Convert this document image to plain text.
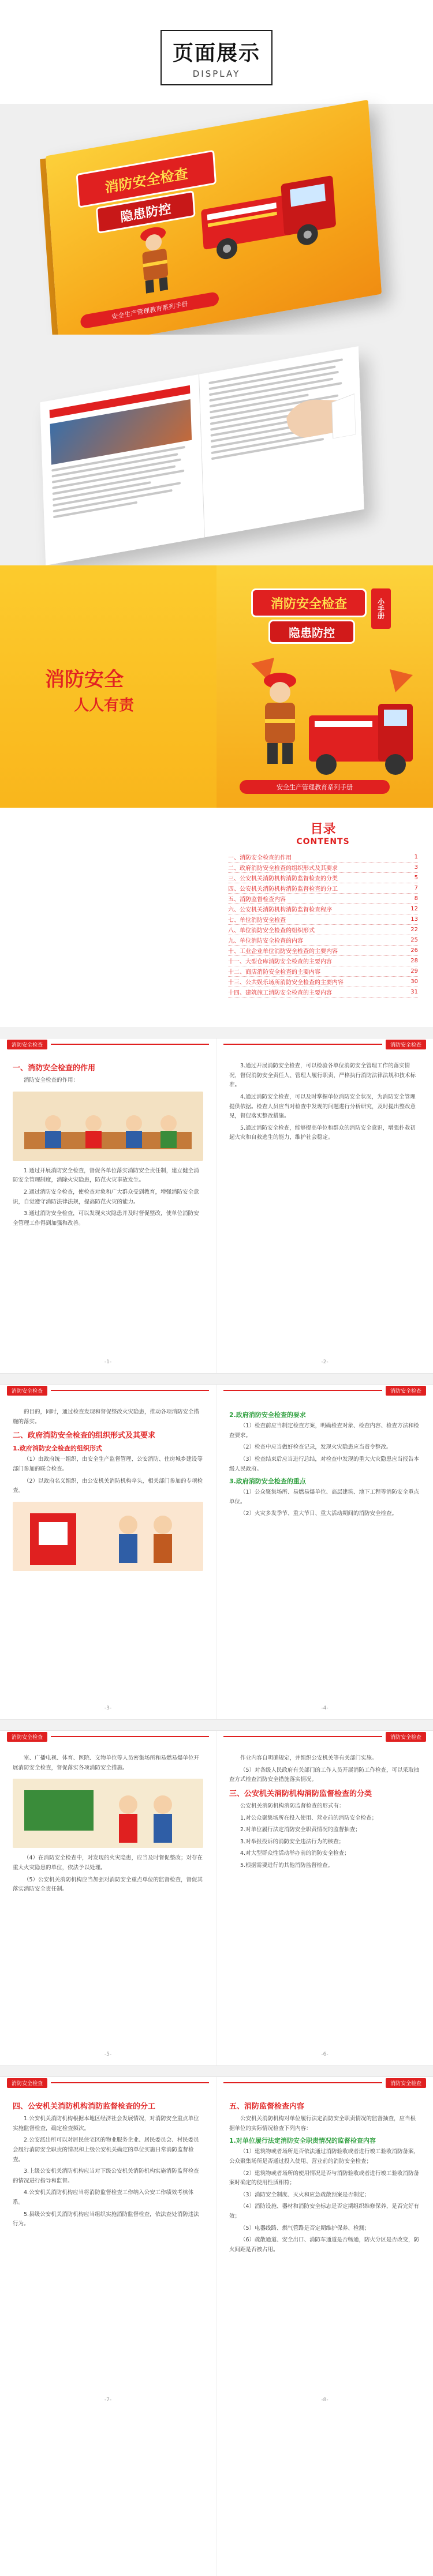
页面展示
DISPLAY
消防安全检查
隐患防控
安全生产管理教育系列手册
消防安全
人人有责
消防安全检查
隐患防控
小手册
安全生产管理教育系列手册
目录
CONTENTS
一、消防安全检查的作用	1
二、政府消防安全检查的组织形式及其要求	3
三、公安机关消防机构消防监督检查的分类	5
四、公安机关消防机构消防监督检查的分工	7
五、消防监督检查内容	8
六、公安机关消防机构消防监督检查程序	12
七、单位消防安全检查	13
八、单位消防安全检查的组织形式	22
九、单位消防安全检查的内容	25
十、工业企业单位消防安全检查的主要内容	26
十一、大型仓库消防安全检查的主要内容	28
十二、商店消防安全检查的主要内容	29
十三、公共娱乐场所消防安全检查的主要内容	30
十四、建筑施工消防安全检查的主要内容	31
消防安全检查
一、消防安全检查的作用
消防安全检查的作用：
1.通过开展消防安全检查，督促各单位落实消防安全责任制，建立健全消防安全管理制度，消除火灾隐患，防范火灾事故发生。
2.通过消防安全检查，使检查对象和广大群众受到教育，增强消防安全意识，自觉遵守消防法律法规，提高防范火灾的能力。
3.通过消防安全检查，可以发现火灾隐患并及时督促整改，使单位消防安全管理工作得到加强和改善。
-1-
消防安全检查
3.通过开展消防安全检查，可以检验各单位消防安全管理工作的落实情况，督促消防安全责任人、管理人履行职责，严格执行消防法律法规和技术标准。
4.通过消防安全检查，可以及时掌握单位消防安全状况，为消防安全管理提供依据。检查人员应当对检查中发现的问题进行分析研究，及时提出整改意见，督促落实整改措施。
5.通过消防安全检查，能够提高单位和群众的消防安全意识，增强扑救初起火灾和自救逃生的能力，维护社会稳定。
-2-
消防安全检查
的目的，同时，通过检查发现和督促整改火灾隐患，推动各项消防安全措施的落实。
二、政府消防安全检查的组织形式及其要求
1.政府消防安全检查的组织形式
（1）由政府统一组织，由安全生产监督管理、公安消防、住房城乡建设等部门参加的联合检查。
（2）以政府名义组织，由公安机关消防机构牵头，相关部门参加的专项检查。
-3-
消防安全检查
2.政府消防安全检查的要求
（1）检查前应当制定检查方案，明确检查对象、检查内容、检查方法和检查要求。
（2）检查中应当做好检查记录，发现火灾隐患应当责令整改。
（3）检查结束后应当进行总结，对检查中发现的重大火灾隐患应当报告本级人民政府。
3.政府消防安全检查的重点
（1）公众聚集场所、易燃易爆单位、高层建筑、地下工程等消防安全重点单位。
（2）火灾多发季节、重大节日、重大活动期间的消防安全检查。
-4-
消防安全检查
室、广播电视、体育、医院、文物单位等人员密集场所和易燃易爆单位开展消防安全检查，督促落实各项消防安全措施。
（4）在消防安全检查中，对发现的火灾隐患，应当及时督促整改；对存在重大火灾隐患的单位，依法予以处理。
（5）公安机关消防机构应当加强对消防安全重点单位的监督检查，督促其落实消防安全责任制。
-5-
消防安全检查
作业内容自明确规定，并组织公安机关等有关部门实施。
（5）对各级人民政府有关部门的工作人员开展消防工作检查，可以采取抽查方式检查消防安全措施落实情况。
三、公安机关消防机构消防监督检查的分类
公安机关消防机构消防监督检查的形式有：
1.对公众聚集场所在投入使用、营业前的消防安全检查；
2.对单位履行法定消防安全职责情况的监督抽查；
3.对举报投诉的消防安全违法行为的核查；
4.对大型群众性活动举办前的消防安全检查；
5.根据需要进行的其他消防监督检查。
-6-
消防安全检查
四、公安机关消防机构消防监督检查的分工
1.公安机关消防机构根据本地区经济社会发展情况，对消防安全重点单位实施监督检查，确定检查频次。
2.公安派出所可以对居民住宅区的物业服务企业、居民委员会、村民委员会履行消防安全职责的情况和上级公安机关确定的单位实施日常消防监督检查。
3.上级公安机关消防机构应当对下级公安机关消防机构实施消防监督检查的情况进行指导和监督。
4.公安机关消防机构应当将消防监督检查工作纳入公安工作绩效考核体系。
5.县级公安机关消防机构应当组织实施消防监督检查，依法查处消防违法行为。
-7-
消防安全检查
五、消防监督检查内容
公安机关消防机构对单位履行法定消防安全职责情况的监督抽查，应当根据单位的实际情况检查下列内容：
1.对单位履行法定消防安全职责情况的监督检查内容
（1）建筑物或者场所是否依法通过消防验收或者进行竣工验收消防备案，公众聚集场所是否通过投入使用、营业前的消防安全检查；
（2）建筑物或者场所的使用情况是否与消防验收或者进行竣工验收消防备案时确定的使用性质相符；
（3）消防安全制度、灭火和应急疏散预案是否制定；
（4）消防设施、器材和消防安全标志是否定期组织维修保养，是否完好有效；
（5）电器线路、燃气管路是否定期维护保养、检测；
（6）疏散通道、安全出口、消防车通道是否畅通，防火分区是否改变，防火间距是否被占用。
-8-
